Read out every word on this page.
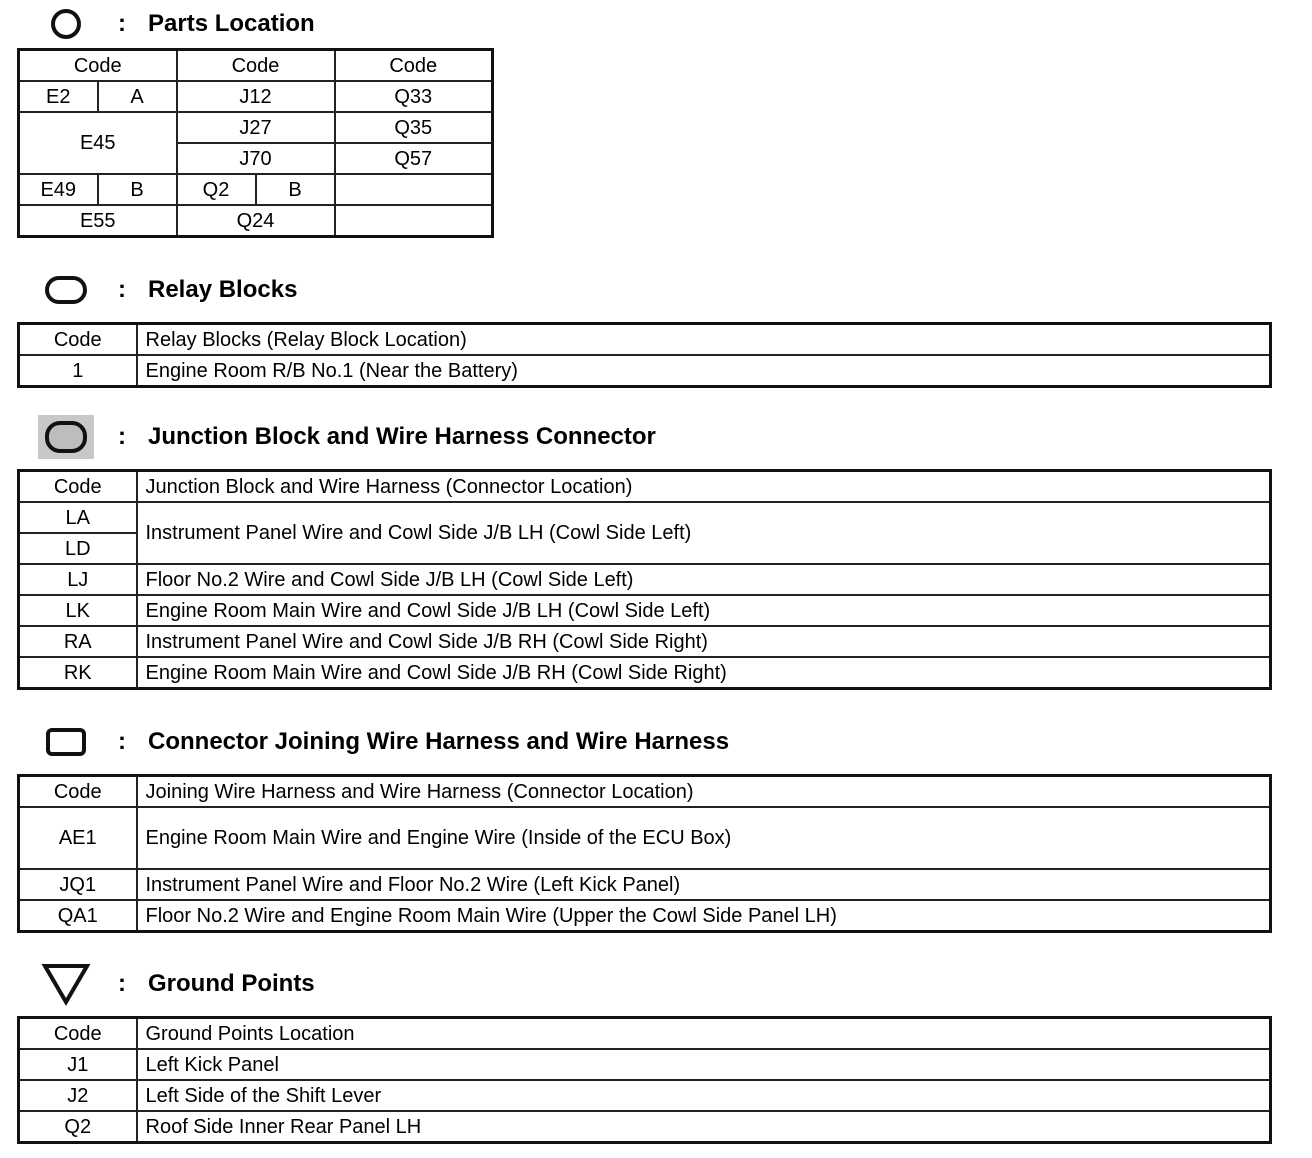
: Parts Location
Code		Code		Code
E2	A	J12		Q33
E45		J27		Q35
		J70		Q57
E49	B	Q2	B	
E55		Q24		
: Relay Blocks
Code	Relay Blocks (Relay Block Location)
1	Engine Room R/B No.1 (Near the Battery)
: Junction Block and Wire Harness Connector
Code	Junction Block and Wire Harness (Connector Location)
LA	Instrument Panel Wire and Cowl Side J/B LH (Cowl Side Left)
LD	
LJ	Floor No.2 Wire and Cowl Side J/B LH (Cowl Side Left)
LK	Engine Room Main Wire and Cowl Side J/B LH (Cowl Side Left)
RA	Instrument Panel Wire and Cowl Side J/B RH (Cowl Side Right)
RK	Engine Room Main Wire and Cowl Side J/B RH (Cowl Side Right)
: Connector Joining Wire Harness and Wire Harness
Code	Joining Wire Harness and Wire Harness (Connector Location)
AE1	Engine Room Main Wire and Engine Wire (Inside of the ECU Box)
JQ1	Instrument Panel Wire and Floor No.2 Wire (Left Kick Panel)
QA1	Floor No.2 Wire and Engine Room Main Wire (Upper the Cowl Side Panel LH)
: Ground Points
Code	Ground Points Location
J1	Left Kick Panel
J2	Left Side of the Shift Lever
Q2	Roof Side Inner Rear Panel LH
